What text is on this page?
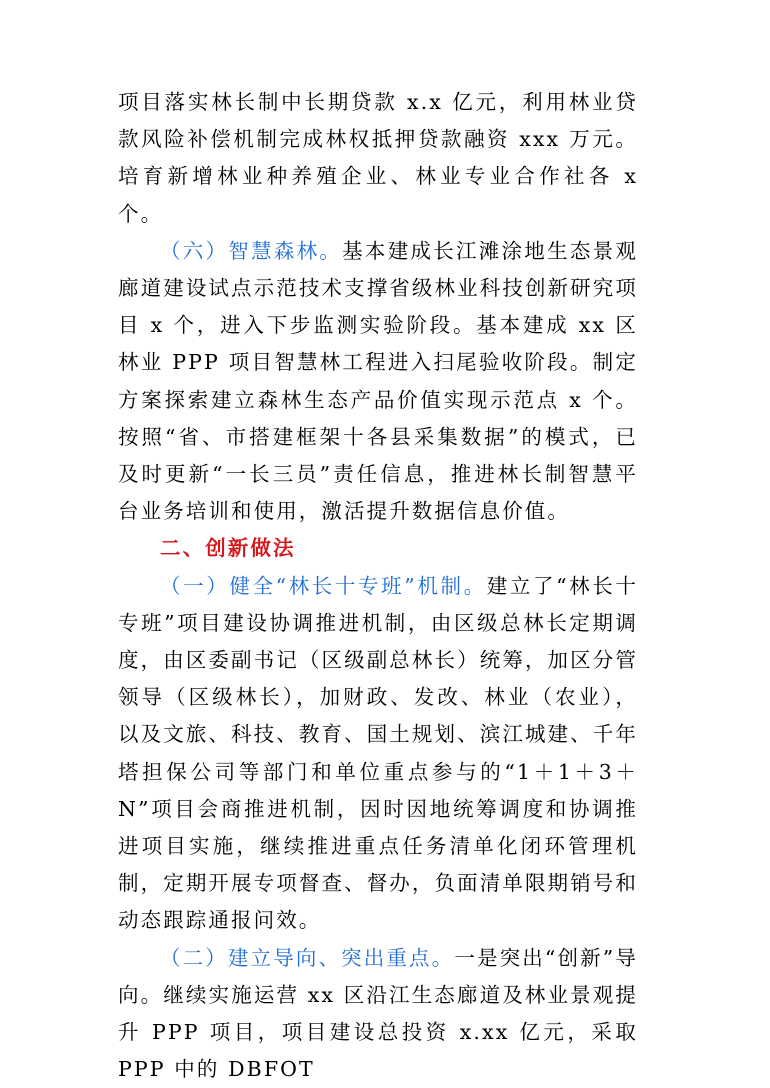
项目落实林长制中长期贷款 x.x 亿元，利用林业贷款风险补偿机制完成林权抵押贷款融资 xxx 万元。培育新增林业种养殖企业、林业专业合作社各 x 个。

（六）智慧森林。基本建成长江滩涂地生态景观廊道建设试点示范技术支撑省级林业科技创新研究项目 x 个，进入下步监测实验阶段。基本建成 xx 区林业 PPP 项目智慧林工程进入扫尾验收阶段。制定方案探索建立森林生态产品价值实现示范点 x 个。按照“省、市搭建框架十各县采集数据”的模式，已及时更新“一长三员”责任信息，推进林长制智慧平台业务培训和使用，激活提升数据信息价值。

二、创新做法

（一）健全“林长十专班”机制。建立了“林长十专班”项目建设协调推进机制，由区级总林长定期调度，由区委副书记（区级副总林长）统筹，加区分管领导（区级林长），加财政、发改、林业（农业），以及文旅、科技、教育、国土规划、滨江城建、千年塔担保公司等部门和单位重点参与的“1＋1＋3＋N”项目会商推进机制，因时因地统筹调度和协调推进项目实施，继续推进重点任务清单化闭环管理机制，定期开展专项督查、督办，负面清单限期销号和动态跟踪通报问效。

（二）建立导向、突出重点。一是突出“创新”导向。继续实施运营 xx 区沿江生态廊道及林业景观提升 PPP 项目，项目建设总投资 x.xx 亿元，采取 PPP 中的 DBFOT
